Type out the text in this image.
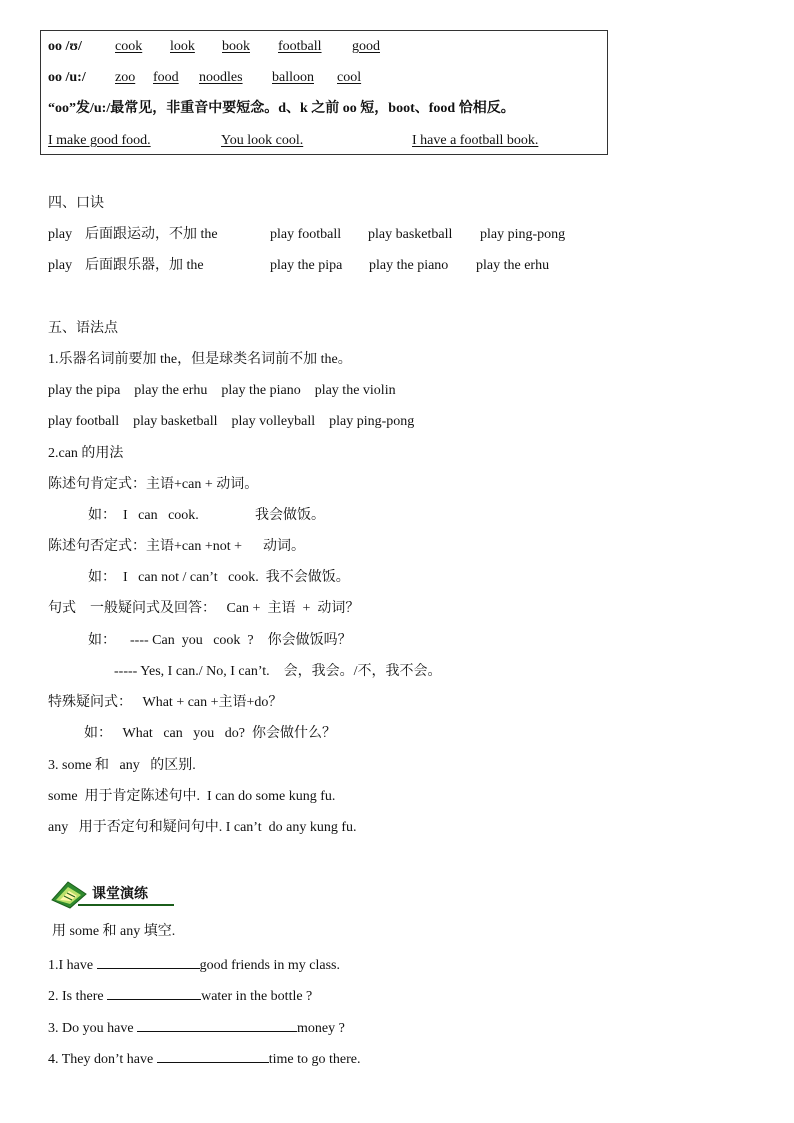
oo /ʊ/ cook look book football good
oo /u:/ zoo food noodles balloon cool
“oo”发/u:/最常见，非重音中要短念。d、k 之前 oo 短，boot、food 恰相反。
I make good food.	You look cool.	I have a football book.
四、口诀
play 后面跟运动，不加 the	play football play basketball play ping-pong
play 后面跟乐器，加 the	play the pipa play the piano play the erhu
五、语法点
1.乐器名词前要加 the，但是球类名词前不加 the。
play the pipa    play the erhu    play the piano    play the violin
play football    play basketball    play volleyball    play ping-pong
2.can 的用法
陈述句肯定式：主语+can + 动词。
如：  I   can   cook.	我会做饭。
陈述句否定式：主语+can +not +      动词。
如：  I   can not / can’t   cook.  我不会做饭。
句式    一般疑问式及回答：   Can +  主语  +  动词？
如：    ---- Can  you   cook  ?    你会做饭吗？
----- Yes, I can./ No, I can’t.    会，我会。/不，我不会。
特殊疑问式：   What + can +主语+do？
如：   What   can   you   do?  你会做什么？
3. some 和   any   的区别.
some  用于肯定陈述句中.  I can do some kung fu.
any   用于否定句和疑问句中. I can’t  do any kung fu.
课堂演练
用 some 和 any 填空.
1.I have	good friends in my class.
2. Is there	water in the bottle ?
3. Do you have	money ?
4. They don’t have	time to go there.
